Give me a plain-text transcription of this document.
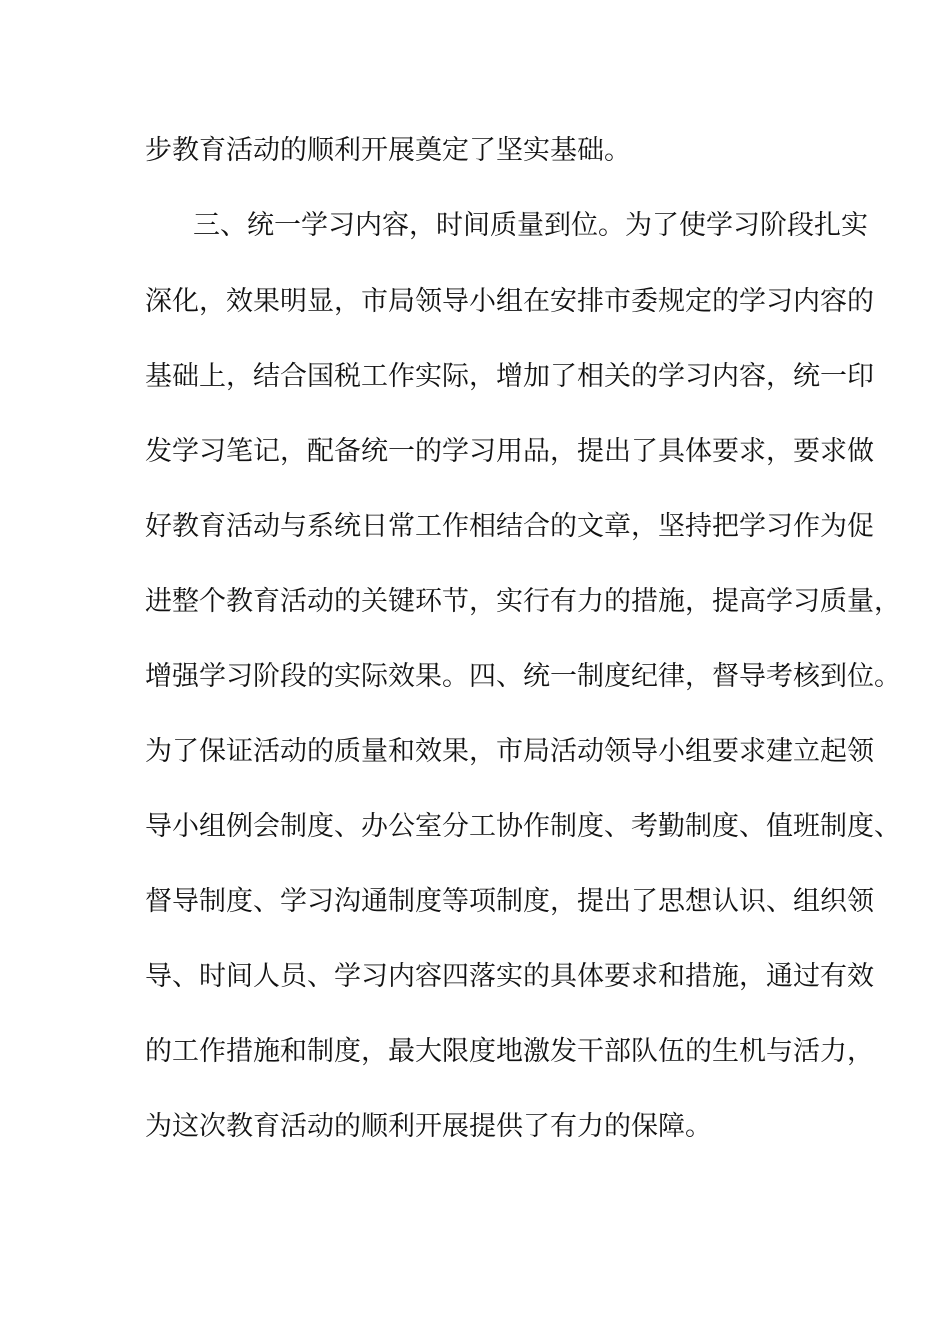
步教育活动的顺利开展奠定了坚实基础。
三、统一学习内容，时间质量到位。为了使学习阶段扎实
深化，效果明显，市局领导小组在安排市委规定的学习内容的
基础上，结合国税工作实际，增加了相关的学习内容，统一印
发学习笔记，配备统一的学习用品，提出了具体要求，要求做
好教育活动与系统日常工作相结合的文章，坚持把学习作为促
进整个教育活动的关键环节，实行有力的措施，提高学习质量，
增强学习阶段的实际效果。四、统一制度纪律，督导考核到位。
为了保证活动的质量和效果，市局活动领导小组要求建立起领
导小组例会制度、办公室分工协作制度、考勤制度、值班制度、
督导制度、学习沟通制度等项制度，提出了思想认识、组织领
导、时间人员、学习内容四落实的具体要求和措施，通过有效
的工作措施和制度，最大限度地激发干部队伍的生机与活力，
为这次教育活动的顺利开展提供了有力的保障。
